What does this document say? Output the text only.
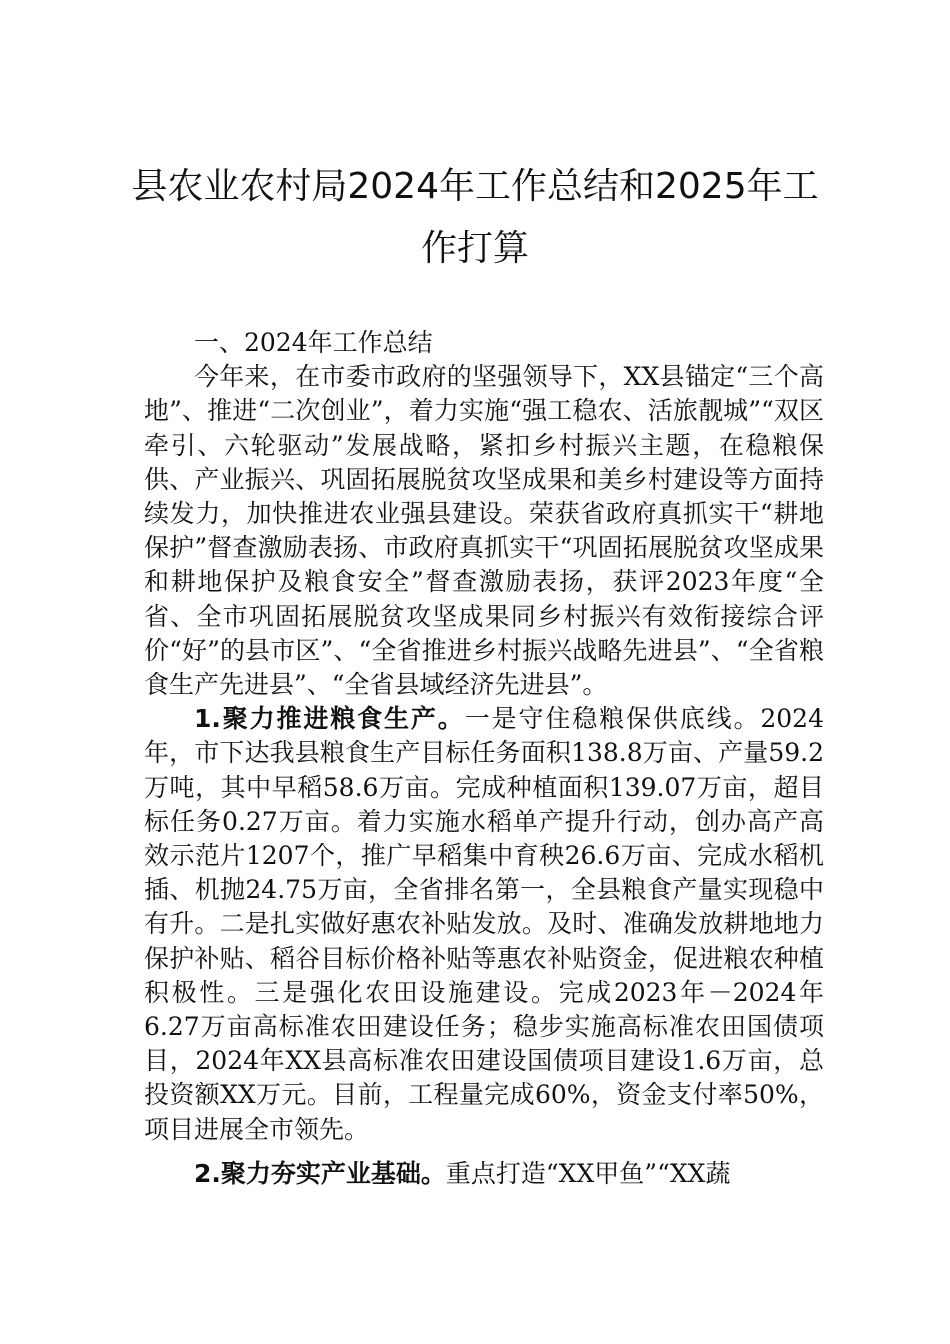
县农业农村局2024年工作总结和2025年工作打算

一、2024年工作总结

今年来，在市委市政府的坚强领导下，XX县锚定“三个高地”、推进“二次创业”，着力实施“强工稳农、活旅靓城”“双区牵引、六轮驱动”发展战略，紧扣乡村振兴主题，在稳粮保供、产业振兴、巩固拓展脱贫攻坚成果和美乡村建设等方面持续发力，加快推进农业强县建设。荣获省政府真抓实干“耕地保护”督查激励表扬、市政府真抓实干“巩固拓展脱贫攻坚成果和耕地保护及粮食安全”督查激励表扬，获评2023年度“全省、全市巩固拓展脱贫攻坚成果同乡村振兴有效衔接综合评价“好”的县市区”、“全省推进乡村振兴战略先进县”、“全省粮食生产先进县”、“全省县域经济先进县”。

1.聚力推进粮食生产。一是守住稳粮保供底线。2024年，市下达我县粮食生产目标任务面积138.8万亩、产量59.2万吨，其中早稻58.6万亩。完成种植面积139.07万亩，超目标任务0.27万亩。着力实施水稻单产提升行动，创办高产高效示范片1207个，推广早稻集中育秧26.6万亩、完成水稻机插、机抛24.75万亩，全省排名第一，全县粮食产量实现稳中有升。二是扎实做好惠农补贴发放。及时、准确发放耕地地力保护补贴、稻谷目标价格补贴等惠农补贴资金，促进粮农种植积极性。三是强化农田设施建设。完成2023年－2024年6.27万亩高标准农田建设任务；稳步实施高标准农田国债项目，2024年XX县高标准农田建设国债项目建设1.6万亩，总投资额XX万元。目前，工程量完成60%，资金支付率50%，项目进展全市领先。

2.聚力夯实产业基础。重点打造“XX甲鱼”“XX蔬
